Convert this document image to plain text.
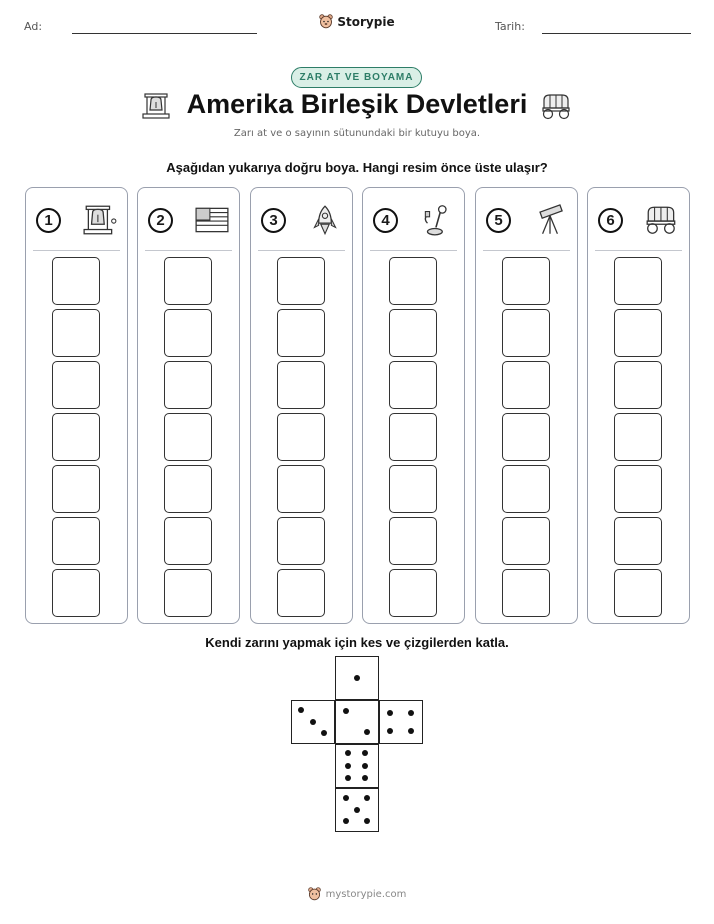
Ad:	Tarih:
Storypie
ZAR AT VE BOYAMA
Amerika Birleşik Devletleri
Zarı at ve o sayının sütunundaki bir kutuyu boya.
Aşağıdan yukarıya doğru boya. Hangi resim önce üste ulaşır?
1	2	3	4	5	6
Kendi zarını yapmak için kes ve çizgilerden katla.
mystorypie.com
